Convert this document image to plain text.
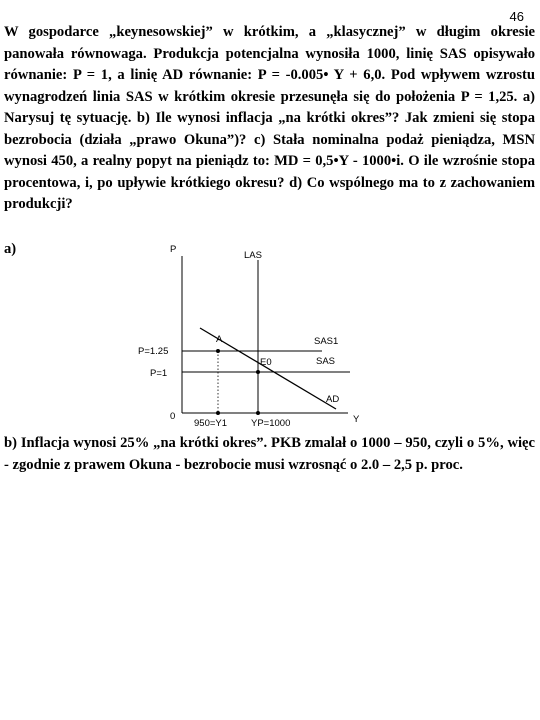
46

W gospodarce „keynesowskiej” w krótkim, a „klasycznej” w długim okresie panowała równowaga. Produkcja potencjalna wynosiła 1000, linię SAS opisywało równanie: P = 1, a linię AD równanie: P = -0.005• Y + 6,0. Pod wpływem wzrostu wynagrodzeń linia SAS w krótkim okresie przesunęła się do położenia P = 1,25. a) Narysuj tę sytuację. b) Ile wynosi inflacja „na krótki okres”? Jak zmieni się stopa bezrobocia (działa „prawo Okuna”)? c) Stała nominalna podaż pieniądza, MSN wynosi 450, a realny popyt na pieniądz to: MD = 0,5•Y - 1000•i. O ile wzrośnie stopa procentowa, i, po upływie krótkiego okresu? d) Co wspólnego ma to z zachowaniem produkcji?

a)	P
Y
0
LAS
SAS1
SAS
AD
A
E0
P=1.25
P=1
950=Y1	YP=1000

b) Inflacja wynosi 25% „na krótki okres”. PKB zmalał o 1000 – 950, czyli o 5%, więc - zgodnie z prawem Okuna - bezrobocie musi wzrosnąć o 2.0 – 2,5 p. proc.
